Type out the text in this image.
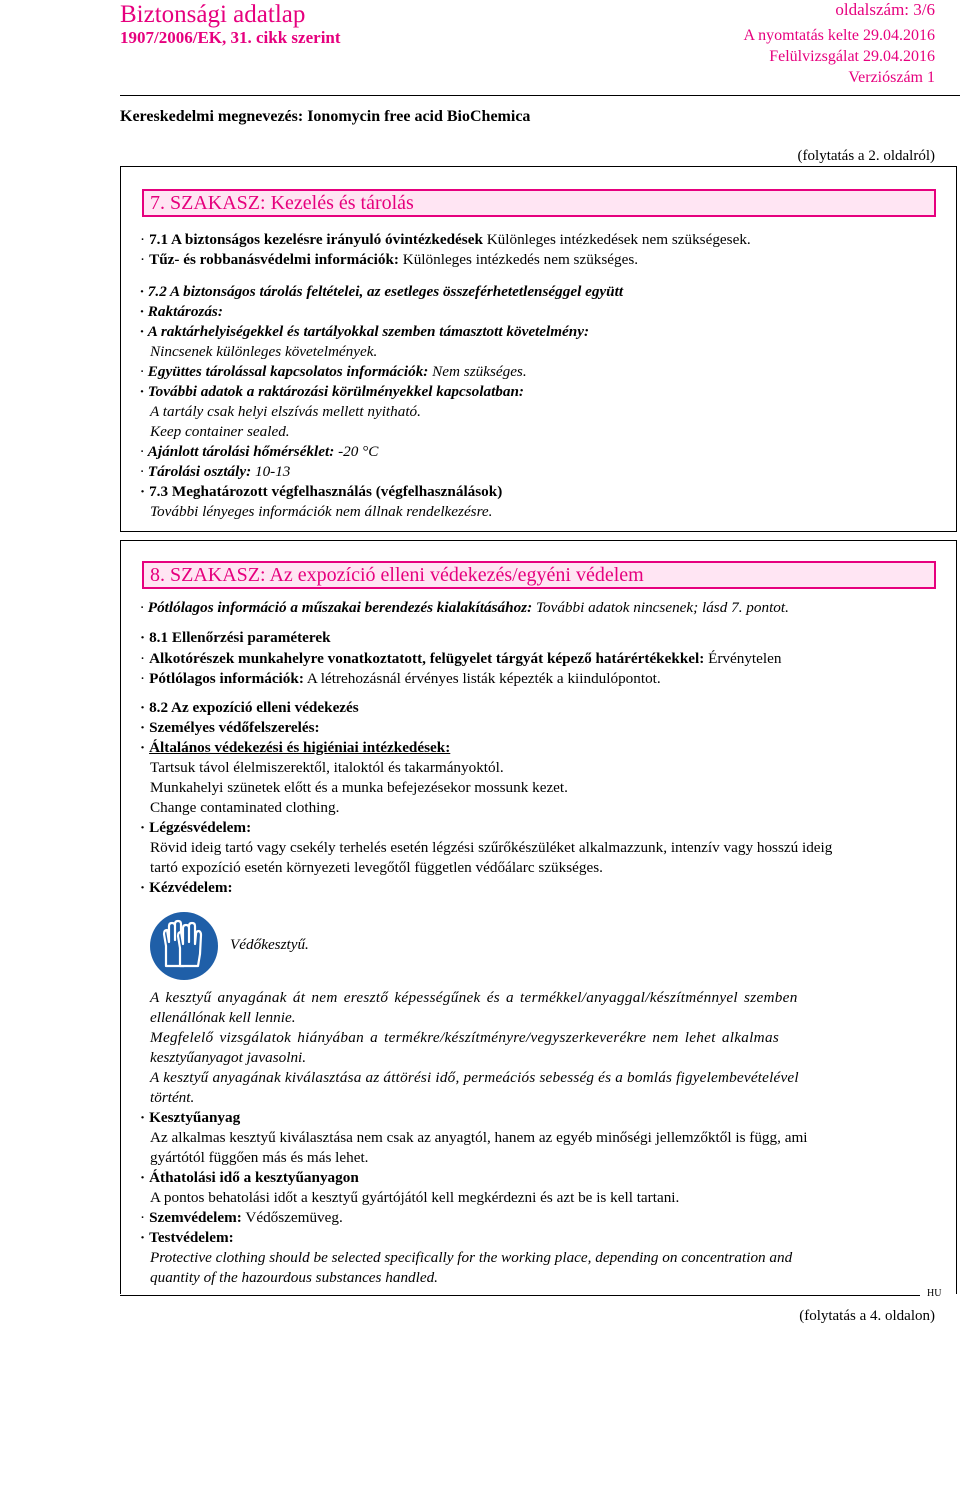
Biztonsági adatlap
1907/2006/EK, 31. cikk szerint
oldalszám: 3/6
A nyomtatás kelte 29.04.2016
Felülvizsgálat 29.04.2016
Verziószám 1
Kereskedelmi megnevezés: Ionomycin free acid BioChemica
(folytatás a 2. oldalról)
7. SZAKASZ: Kezelés és tárolás
· 7.1 A biztonságos kezelésre irányuló óvintézkedések Különleges intézkedések nem szükségesek.
· Tűz- és robbanásvédelmi információk: Különleges intézkedés nem szükséges.
· 7.2 A biztonságos tárolás feltételei, az esetleges összeférhetetlenséggel együtt
· Raktározás:
· A raktárhelyiségekkel és tartályokkal szemben támasztott követelmény:
Nincsenek különleges követelmények.
· Együttes tárolással kapcsolatos információk: Nem szükséges.
· További adatok a raktározási körülményekkel kapcsolatban:
A tartály csak helyi elszívás mellett nyitható.
Keep container sealed.
· Ajánlott tárolási hőmérséklet: -20 °C
· Tárolási osztály: 10-13
· 7.3 Meghatározott végfelhasználás (végfelhasználások)
További lényeges információk nem állnak rendelkezésre.
8. SZAKASZ: Az expozíció elleni védekezés/egyéni védelem
· Pótlólagos információ a műszakai berendezés kialakításához: További adatok nincsenek; lásd 7. pontot.
· 8.1 Ellenőrzési paraméterek
· Alkotórészek munkahelyre vonatkoztatott, felügyelet tárgyát képező határértékekkel: Érvénytelen
· Pótlólagos információk: A létrehozásnál érvényes listák képezték a kiindulópontot.
· 8.2 Az expozíció elleni védekezés
· Személyes védőfelszerelés:
· Általános védekezési és higiéniai intézkedések:
Tartsuk távol élelmiszerektől, italoktól és takarmányoktól.
Munkahelyi szünetek előtt és a munka befejezésekor mossunk kezet.
Change contaminated clothing.
· Légzésvédelem:
Rövid ideig tartó vagy csekély terhelés esetén légzési szűrőkészüléket alkalmazzunk, intenzív vagy hosszú ideig
tartó expozíció esetén környezeti levegőtől független védőálarc szükséges.
· Kézvédelem:
Védőkesztyű.
A kesztyű anyagának át nem eresztő képességűnek és a termékkel/anyaggal/készítménnyel szemben
ellenállónak kell lennie.
Megfelelő vizsgálatok hiányában a termékre/készítményre/vegyszerkeverékre nem lehet alkalmas
kesztyűanyagot javasolni.
A kesztyű anyagának kiválasztása az áttörési idő, permeációs sebesség és a bomlás figyelembevételével
történt.
· Kesztyűanyag
Az alkalmas kesztyű kiválasztása nem csak az anyagtól, hanem az egyéb minőségi jellemzőktől is függ, ami
gyártótól függően más és más lehet.
· Áthatolási idő a kesztyűanyagon
A pontos behatolási időt a kesztyű gyártójától kell megkérdezni és azt be is kell tartani.
· Szemvédelem: Védőszemüveg.
· Testvédelem:
Protective clothing should be selected specifically for the working place, depending on concentration and
quantity of the hazourdous substances handled.
HU
(folytatás a 4. oldalon)
